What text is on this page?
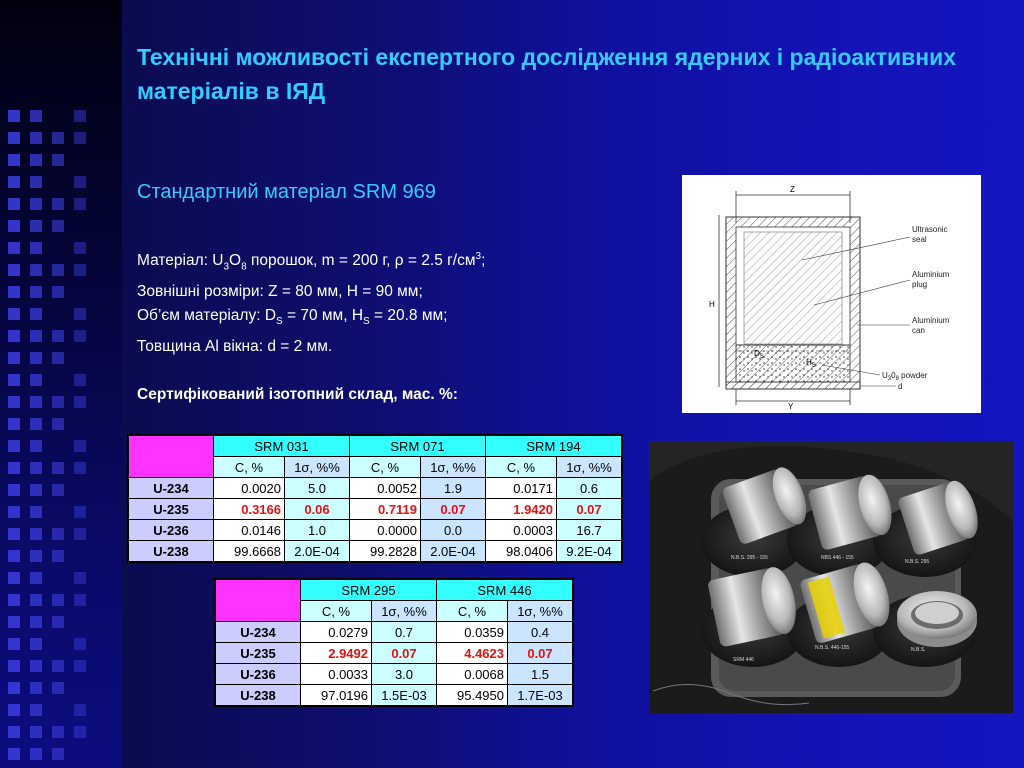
Технічні можливості експертного дослідження ядерних і радіоактивних матеріалів в ІЯД
Стандартний матеріал SRM 969
Матеріал: $U_3O_8$ порошок, m = 200 г, ρ = 2.5 $г/см^3$;
Зовнішні розміри: Z = 80 мм, H = 90 мм;
Об’єм матеріалу: $D_S = 70$ мм, $H_S = 20.8$ мм;
Товщина Al вікна: d = 2 мм.
Сертифікований ізотопний склад, мас. %:
Z
H
$D_S$
$H_S$
Y
Ultrasonic
seal
Aluminium
plug
Aluminium
can
$U_30_8$ powder
d
	SRM 031		SRM 071		SRM 194	
	C, %	1σ, %%	C, %	1σ, %%	C, %	1σ, %%
U-234	0.0020	5.0	0.0052	1.9	0.0171	0.6
U-235	0.3166	0.06	0.7119	0.07	1.9420	0.07
U-236	0.0146	1.0	0.0000	0.0	0.0003	16.7
U-238	99.6668	2.0E-04	99.2828	2.0E-04	98.0406	9.2E-04
	SRM 295		SRM 446	
	C, %	1σ, %%	C, %	1σ, %%
U-234	0.0279	0.7	0.0359	0.4
U-235	2.9492	0.07	4.4623	0.07
U-236	0.0033	3.0	0.0068	1.5
U-238	97.0196	1.5E-03	95.4950	1.7E-03
N.B.S. 295 - 155	NBS 446 - 155
N.B.S. 295
SRM 446
N.B.S. 446-155	N.B.S.
